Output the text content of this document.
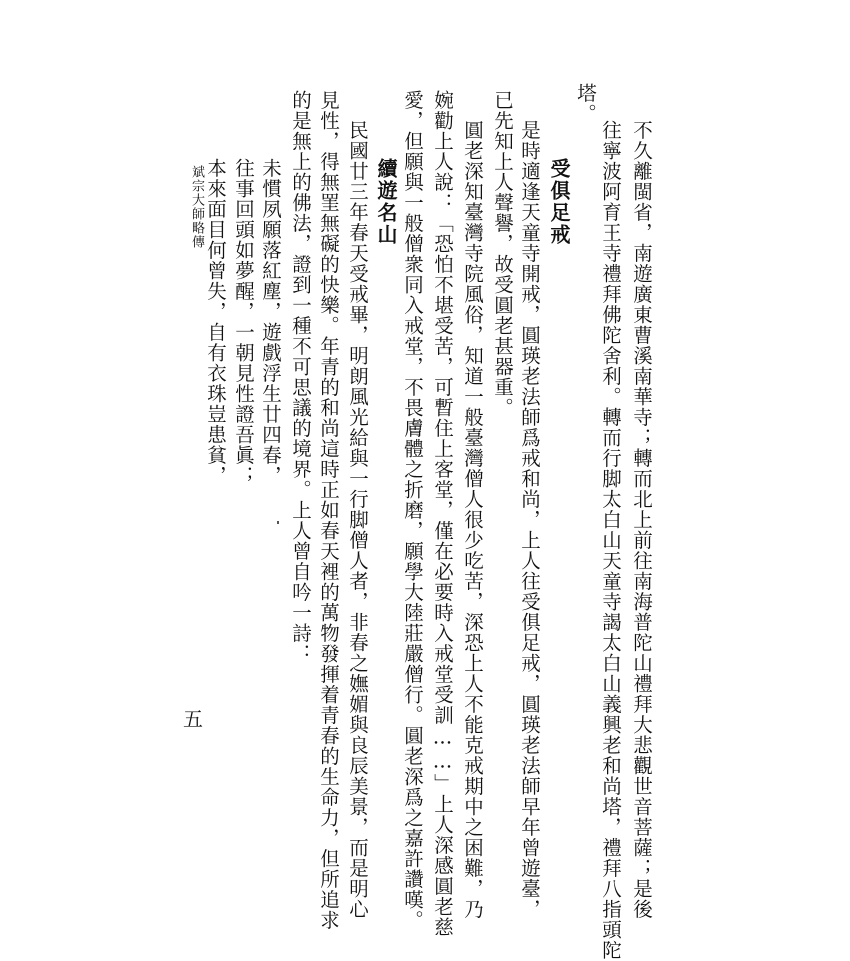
不久離閩省，南遊廣東曹溪南華寺；轉而北上前往南海普陀山禮拜大悲觀世音菩薩；是後
往寧波阿育王寺禮拜佛陀舍利。轉而行脚太白山天童寺謁太白山義興老和尚塔，禮拜八指頭陀
塔。
受俱足戒
是時適逢天童寺開戒，圓瑛老法師爲戒和尚，上人往受俱足戒，圓瑛老法師早年曾遊臺，
已先知上人聲譽，故受圓老甚器重。
圓老深知臺灣寺院風俗，知道一般臺灣僧人很少吃苦，深恐上人不能克戒期中之困難，乃
婉勸上人說：「恐怕不堪受苦，可暫住上客堂，僅在必要時入戒堂受訓……」上人深感圓老慈
愛，但願與一般僧衆同入戒堂，不畏膚體之折磨，願學大陸莊嚴僧行。圓老深爲之嘉許讚嘆。
續遊名山
民國廿三年春天受戒畢，明朗風光給與一行脚僧人者，非春之嫵媚與良辰美景，而是明心
見性，得無罣無礙的快樂。年青的和尚這時正如春天裡的萬物發揮着青春的生命力，但所追求
的是無上的佛法，證到一種不可思議的境界。上人曾自吟一詩：
未慣夙願落紅塵，遊戲浮生廿四春，
往事回頭如夢醒，一朝見性證吾眞；
本來面目何曾失，自有衣珠豈患貧，
斌宗大師略傳
五
